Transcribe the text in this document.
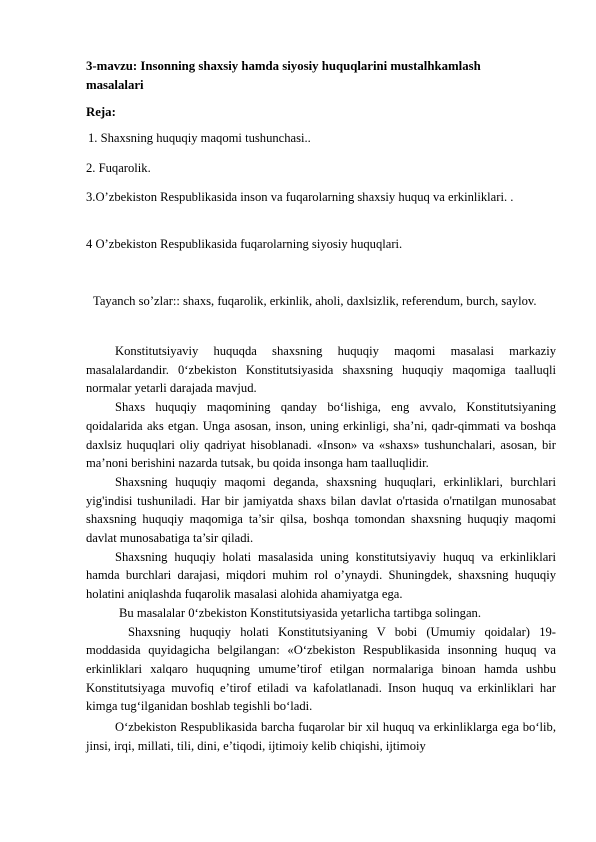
3-mavzu: Insonning shaxsiy hamda siyosiy huquqlarini mustalhkamlash masalalari
Reja:
1. Shaxsning huquqiy maqomi tushunchasi..
2. Fuqarolik.
3.O’zbekiston Respublikasida inson va fuqarolarning shaxsiy huquq va erkinliklari. .
4 O’zbekiston Respublikasida fuqarolarning siyosiy huquqlari.
Tayanch so’zlar:: shaxs, fuqarolik, erkinlik, aholi, daxlsizlik, referendum, burch, saylov.

Konstitutsiyaviy huquqda shaxsning huquqiy maqomi masalasi markaziy masalalardandir. 0‘zbekiston Konstitutsiyasida shaxsning huquqiy maqomiga taalluqli normalar yetarli darajada mavjud.

Shaxs huquqiy maqomining qanday bo‘lishiga, eng avvalo, Konstitutsiyaning qoidalarida aks etgan. Unga asosan, inson, uning erkinligi, sha’ni, qadr-qimmati va boshqa daxlsiz huquqlari oliy qadriyat hisoblanadi. «Inson» va «shaxs» tushunchalari, asosan, bir ma’noni berishini nazarda tutsak, bu qoida insonga ham taalluqlidir.

Shaxsning huquqiy maqomi deganda, shaxsning huquqlari, erkinliklari, burchlari yig'indisi tushuniladi. Har bir jamiyatda shaxs bilan davlat o'rtasida o'rnatilgan munosabat shaxsning huquqiy maqomiga ta’sir qilsa, boshqa tomondan shaxsning huquqiy maqomi davlat munosabatiga ta’sir qiladi.

Shaxsning huquqiy holati masalasida uning konstitutsiyaviy huquq va erkinliklari hamda burchlari darajasi, miqdori muhim rol o’ynaydi. Shuningdek, shaxsning huquqiy holatini aniqlashda fuqarolik masalasi alohida ahamiyatga ega.

Bu masalalar 0‘zbekiston Konstitutsiyasida yetarlicha tartibga solingan.

Shaxsning huquqiy holati Konstitutsiyaning V bobi (Umumiy qoidalar) 19-moddasida quyidagicha belgilangan: «O‘zbekiston Respublikasida insonning huquq va erkinliklari xalqaro huquqning umume’tirof etilgan normalariga binoan hamda ushbu Konstitutsiyaga muvofiq e’tirof etiladi va kafolatlanadi. Inson huquq va erkinliklari har kimga tug‘ilganidan boshlab tegishli bo‘ladi.

O‘zbekiston Respublikasida barcha fuqarolar bir xil huquq va erkinliklarga ega bo‘lib, jinsi, irqi, millati, tili, dini, e’tiqodi, ijtimoiy kelib chiqishi, ijtimoiy
